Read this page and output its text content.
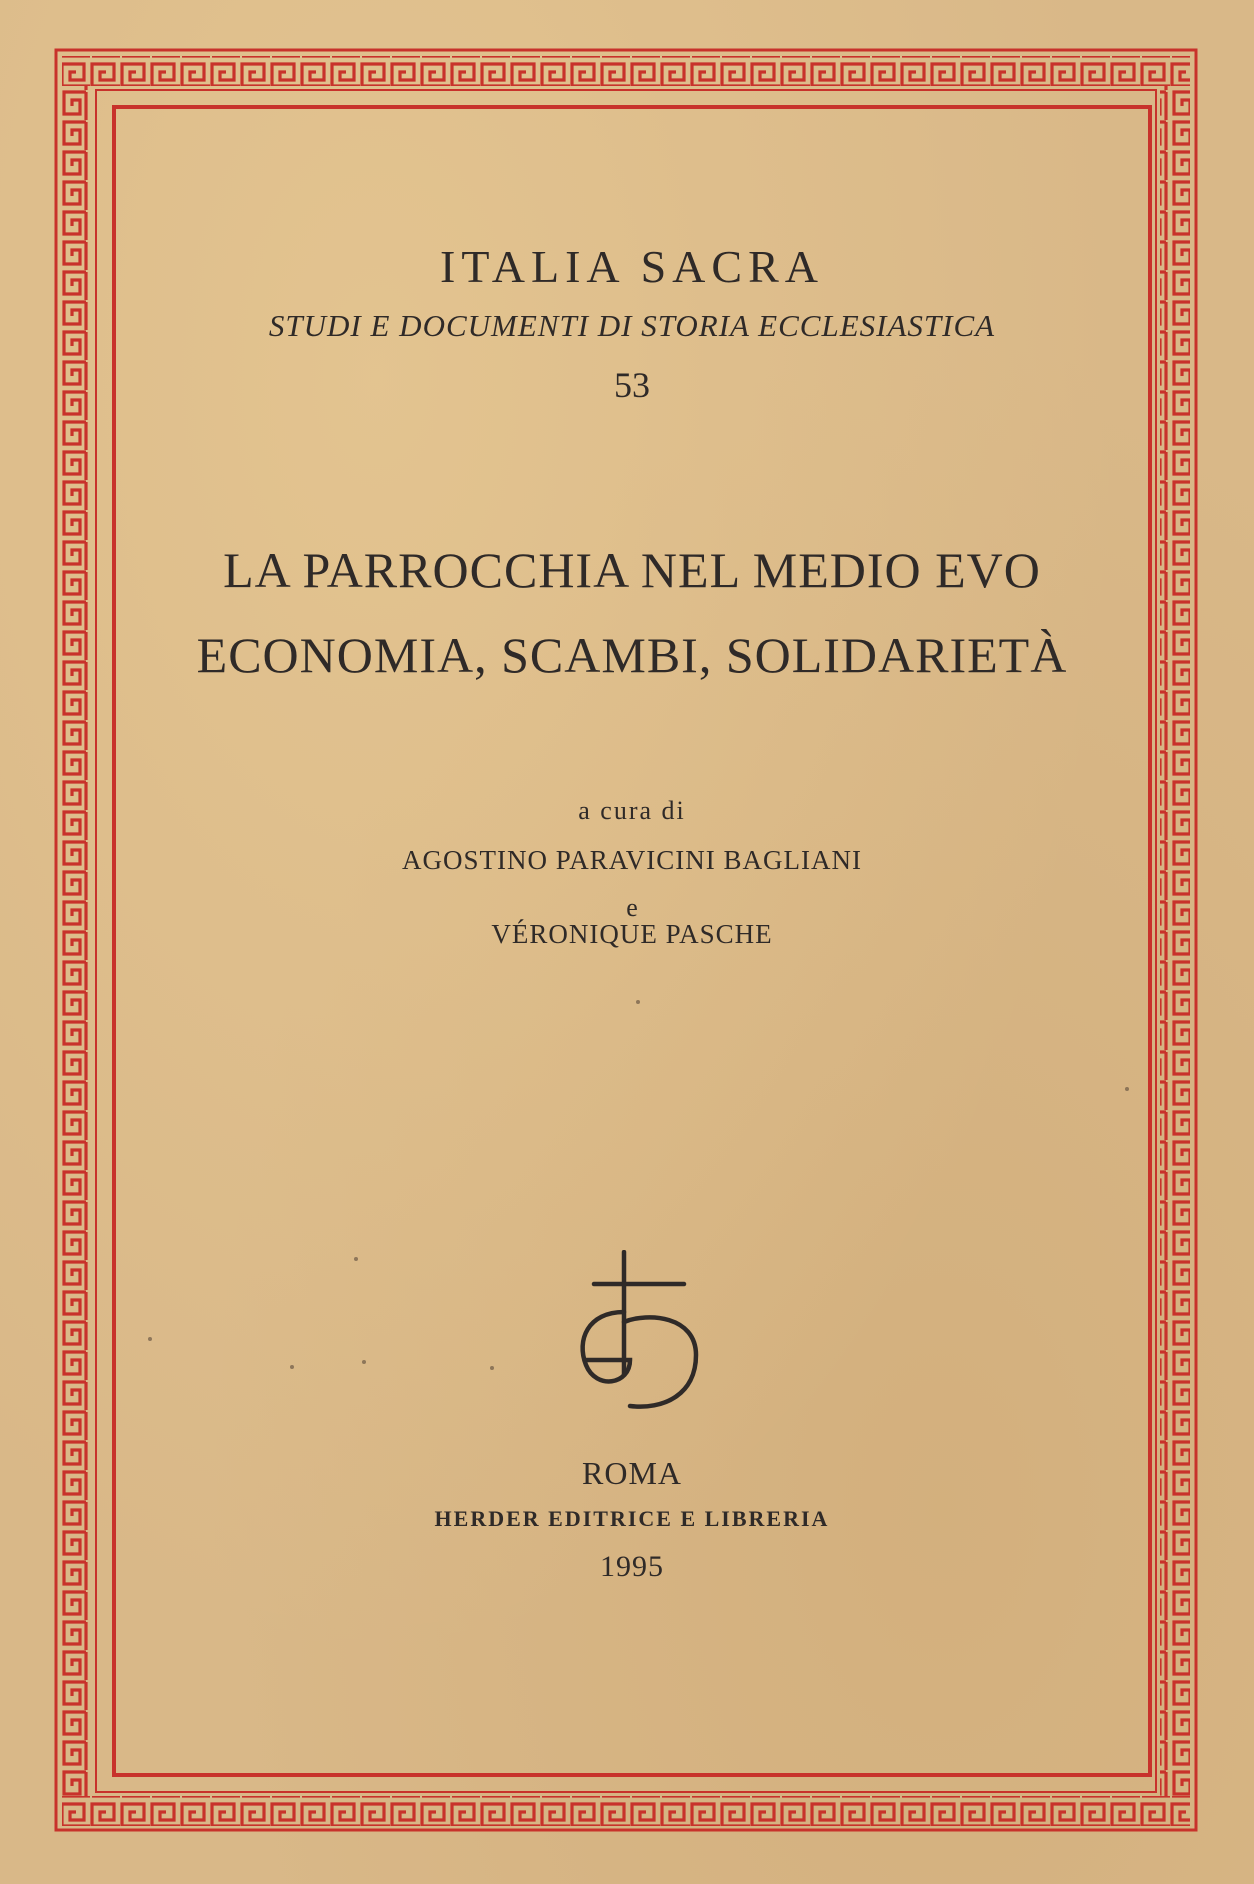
ITALIA SACRA
STUDI E DOCUMENTI DI STORIA ECCLESIASTICA
53
LA PARROCCHIA NEL MEDIO EVO
ECONOMIA, SCAMBI, SOLIDARIETÀ
a cura di
AGOSTINO PARAVICINI BAGLIANI
e
VÉRONIQUE PASCHE
ROMA
HERDER EDITRICE E LIBRERIA
1995
